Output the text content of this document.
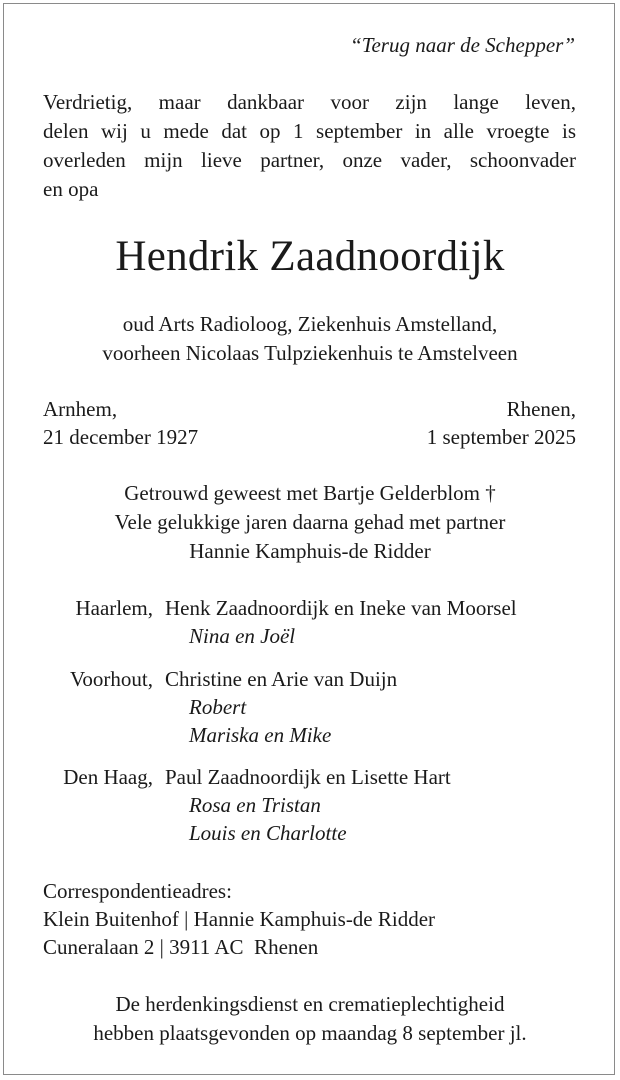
“Terug naar de Schepper”
Verdrietig, maar dankbaar voor zijn lange leven,
delen wij u mede dat op 1 september in alle vroegte is
overleden mijn lieve partner, onze vader, schoonvader
en opa
Hendrik Zaadnoordijk
oud Arts Radioloog, Ziekenhuis Amstelland,
voorheen Nicolaas Tulpziekenhuis te Amstelveen
Arnhem,
21 december 1927
Rhenen,
1 september 2025
Getrouwd geweest met Bartje Gelderblom †
Vele gelukkige jaren daarna gehad met partner
Hannie Kamphuis-de Ridder
Haarlem, Henk Zaadnoordijk en Ineke van Moorsel
Nina en Joël
Voorhout, Christine en Arie van Duijn
Robert
Mariska en Mike
Den Haag, Paul Zaadnoordijk en Lisette Hart
Rosa en Tristan
Louis en Charlotte
Correspondentieadres:
Klein Buitenhof | Hannie Kamphuis-de Ridder
Cuneralaan 2 | 3911 AC  Rhenen
De herdenkingsdienst en crematieplechtigheid
hebben plaatsgevonden op maandag 8 september jl.
